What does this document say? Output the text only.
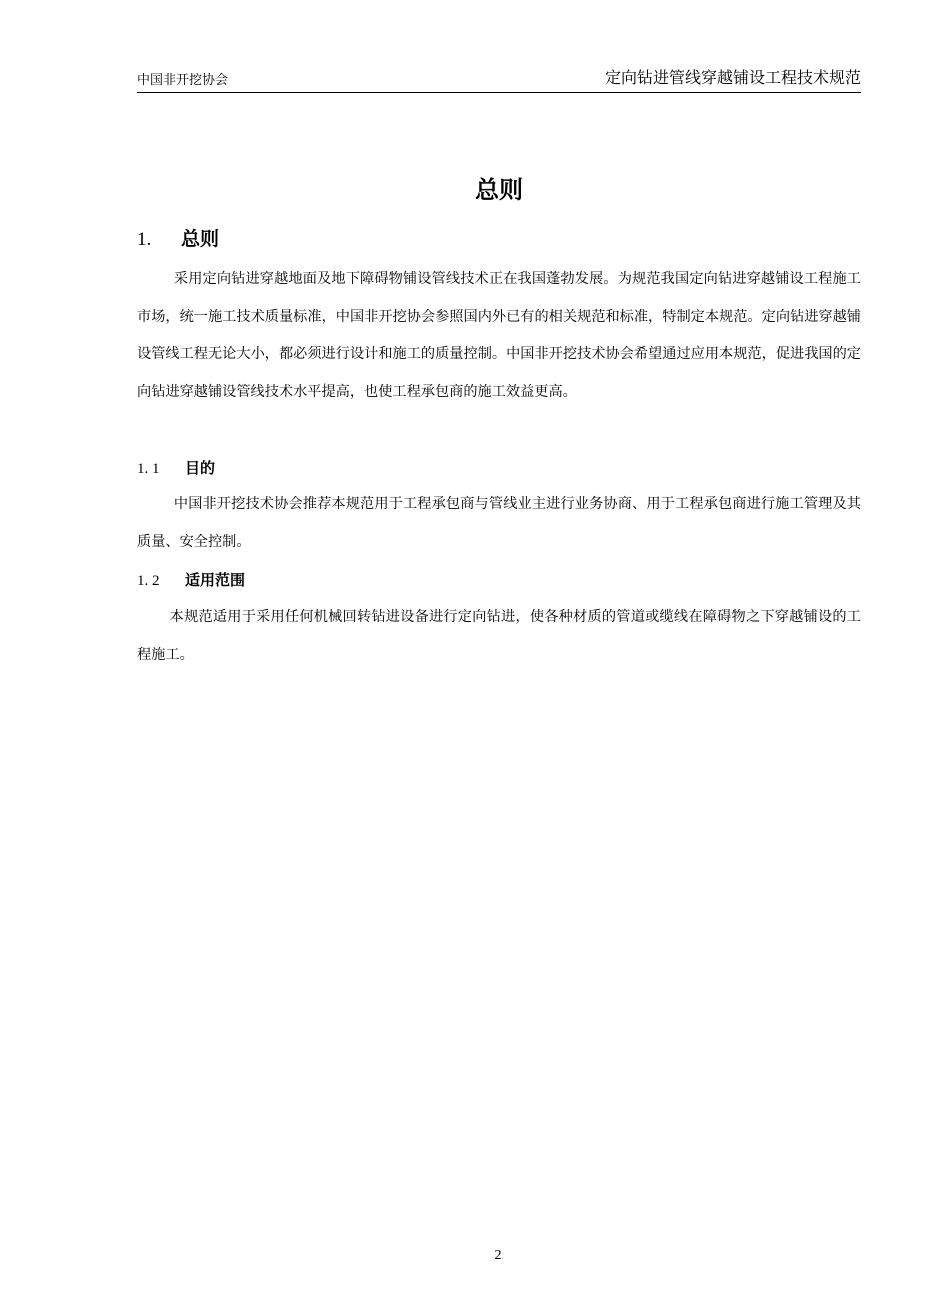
中国非开挖协会	定向钻进管线穿越铺设工程技术规范
总则
1. 总则

采用定向钻进穿越地面及地下障碍物铺设管线技术正在我国蓬勃发展。为规范我国定向钻进穿越铺设工程施工市场，统一施工技术质量标准，中国非开挖协会参照国内外已有的相关规范和标准，特制定本规范。定向钻进穿越铺设管线工程无论大小，都必须进行设计和施工的质量控制。中国非开挖技术协会希望通过应用本规范，促进我国的定向钻进穿越铺设管线技术水平提高，也使工程承包商的施工效益更高。

1. 1 目的

中国非开挖技术协会推荐本规范用于工程承包商与管线业主进行业务协商、用于工程承包商进行施工管理及其质量、安全控制。

1. 2 适用范围

本规范适用于采用任何机械回转钻进设备进行定向钻进，使各种材质的管道或缆线在障碍物之下穿越铺设的工程施工。

2
